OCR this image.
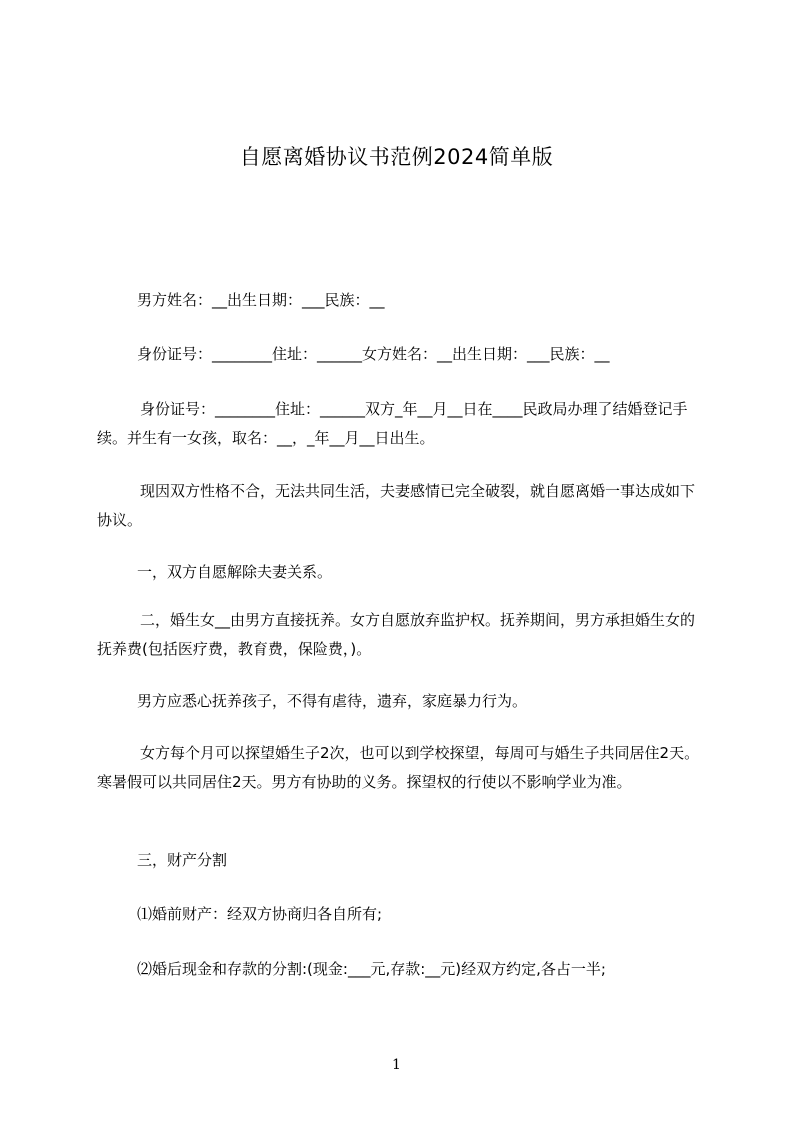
自愿离婚协议书范例2024简单版
男方姓名：__出生日期：___民族：__
身份证号：________住址：______女方姓名：__出生日期：___民族：__
身份证号：________住址：______双方_年__月__日在____民政局办理了结婚登记手续。并生有一女孩，取名：__，_年__月__日出生。
现因双方性格不合，无法共同生活，夫妻感情已完全破裂，就自愿离婚一事达成如下协议。
一，双方自愿解除夫妻关系。
二，婚生女__由男方直接抚养。女方自愿放弃监护权。抚养期间，男方承担婚生女的抚养费(包括医疗费，教育费，保险费，)。
男方应悉心抚养孩子，不得有虐待，遗弃，家庭暴力行为。
女方每个月可以探望婚生子2次，也可以到学校探望，每周可与婚生子共同居住2天。寒暑假可以共同居住2天。男方有协助的义务。探望权的行使以不影响学业为准。
三，财产分割
⑴婚前财产：经双方协商归各自所有;
⑵婚后现金和存款的分割:(现金:___元,存款:__元)经双方约定,各占一半;
1
